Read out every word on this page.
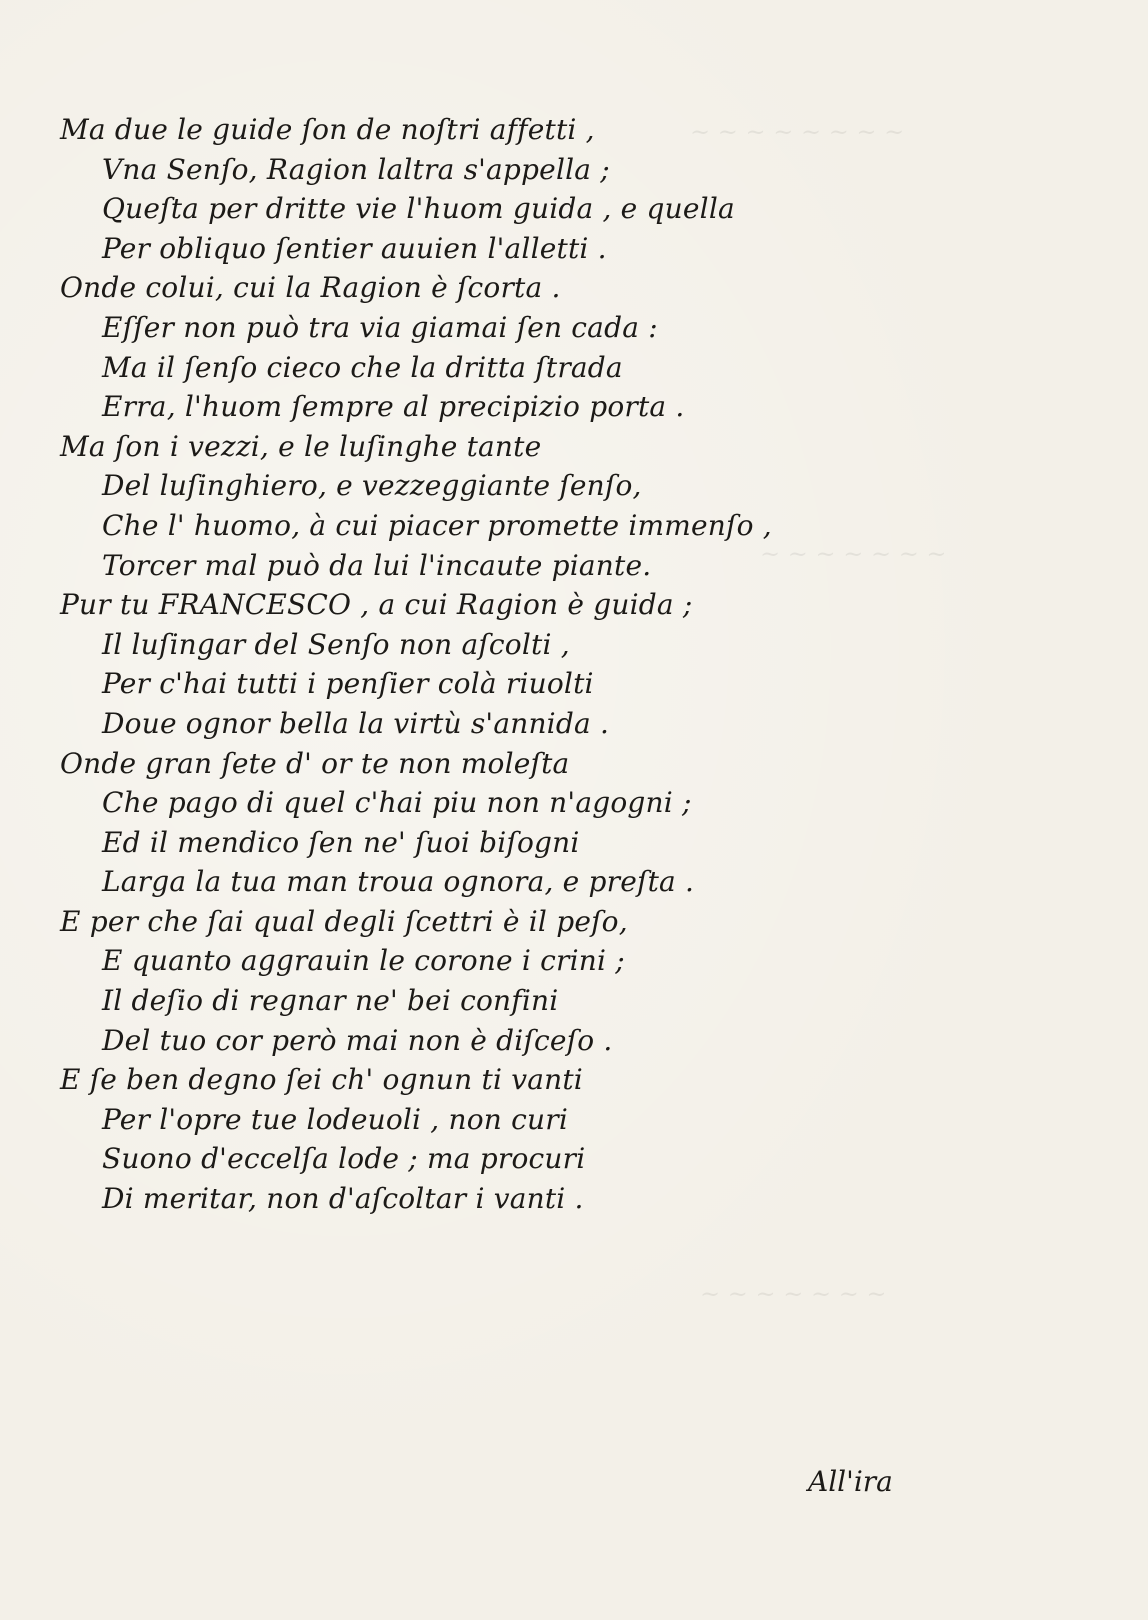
~ ~ ~ ~ ~ ~ ~ ~
~ ~ ~ ~ ~ ~ ~
~ ~ ~ ~ ~ ~ ~
Ma due le guide ſon de noſtri affetti ,
Vna Senſo, Ragion laltra s'appella ;
Queſta per dritte vie l'huom guida , e quella
Per obliquo ſentier auuien l'alletti .
Onde colui, cui la Ragion è ſcorta .
Eſſer non può tra via giamai ſen cada :
Ma il ſenſo cieco che la dritta ſtrada
Erra, l'huom ſempre al precipizio porta .
Ma ſon i vezzi, e le luſinghe tante
Del luſinghiero, e vezzeggiante ſenſo,
Che l' huomo, à cui piacer promette immenſo ,
Torcer mal può da lui l'incaute piante.
Pur tu FRANCESCO , a cui Ragion è guida ;
Il luſingar del Senſo non aſcolti ,
Per c'hai tutti i penſier colà riuolti
Doue ognor bella la virtù s'annida .
Onde gran ſete d' or te non moleſta
Che pago di quel c'hai piu non n'agogni ;
Ed il mendico ſen ne' ſuoi biſogni
Larga la tua man troua ognora, e preſta .
E per che ſai qual degli ſcettri è il peſo,
E quanto aggrauin le corone i crini ;
Il deſio di regnar ne' bei confini
Del tuo cor però mai non è diſceſo .
E ſe ben degno ſei ch' ognun ti vanti
Per l'opre tue lodeuoli , non curi
Suono d'eccelſa lode ; ma procuri
Di meritar, non d'aſcoltar i vanti .
All'ira
